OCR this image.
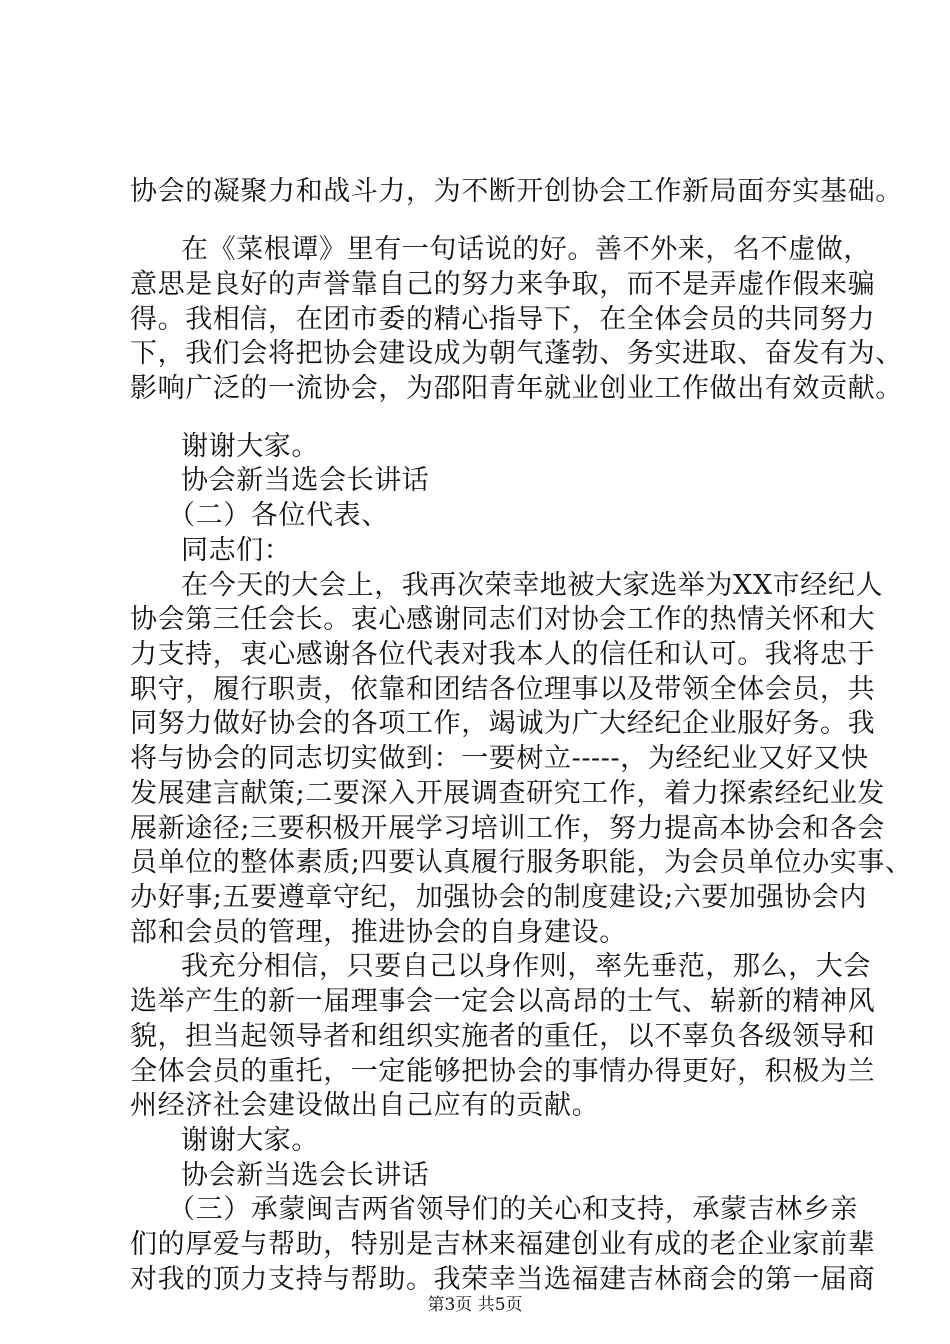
协会的凝聚力和战斗力，为不断开创协会工作新局面夯实基础。
在《菜根谭》里有一句话说的好。善不外来，名不虚做，
意思是良好的声誉靠自己的努力来争取，而不是弄虚作假来骗
得。我相信，在团市委的精心指导下，在全体会员的共同努力
下，我们会将把协会建设成为朝气蓬勃、务实进取、奋发有为、
影响广泛的一流协会，为邵阳青年就业创业工作做出有效贡献。
谢谢大家。
协会新当选会长讲话
（二）各位代表、
同志们：
在今天的大会上，我再次荣幸地被大家选举为XX市经纪人
协会第三任会长。衷心感谢同志们对协会工作的热情关怀和大
力支持，衷心感谢各位代表对我本人的信任和认可。我将忠于
职守，履行职责，依靠和团结各位理事以及带领全体会员，共
同努力做好协会的各项工作，竭诚为广大经纪企业服好务。我
将与协会的同志切实做到：一要树立-----，为经纪业又好又快
发展建言献策;二要深入开展调查研究工作，着力探索经纪业发
展新途径;三要积极开展学习培训工作，努力提高本协会和各会
员单位的整体素质;四要认真履行服务职能，为会员单位办实事、
办好事;五要遵章守纪，加强协会的制度建设;六要加强协会内
部和会员的管理，推进协会的自身建设。
我充分相信，只要自己以身作则，率先垂范，那么，大会
选举产生的新一届理事会一定会以高昂的士气、崭新的精神风
貌，担当起领导者和组织实施者的重任，以不辜负各级领导和
全体会员的重托，一定能够把协会的事情办得更好，积极为兰
州经济社会建设做出自己应有的贡献。
谢谢大家。
协会新当选会长讲话
（三）承蒙闽吉两省领导们的关心和支持，承蒙吉林乡亲
们的厚爱与帮助，特别是吉林来福建创业有成的老企业家前辈
对我的顶力支持与帮助。我荣幸当选福建吉林商会的第一届商
第3页 共5页
